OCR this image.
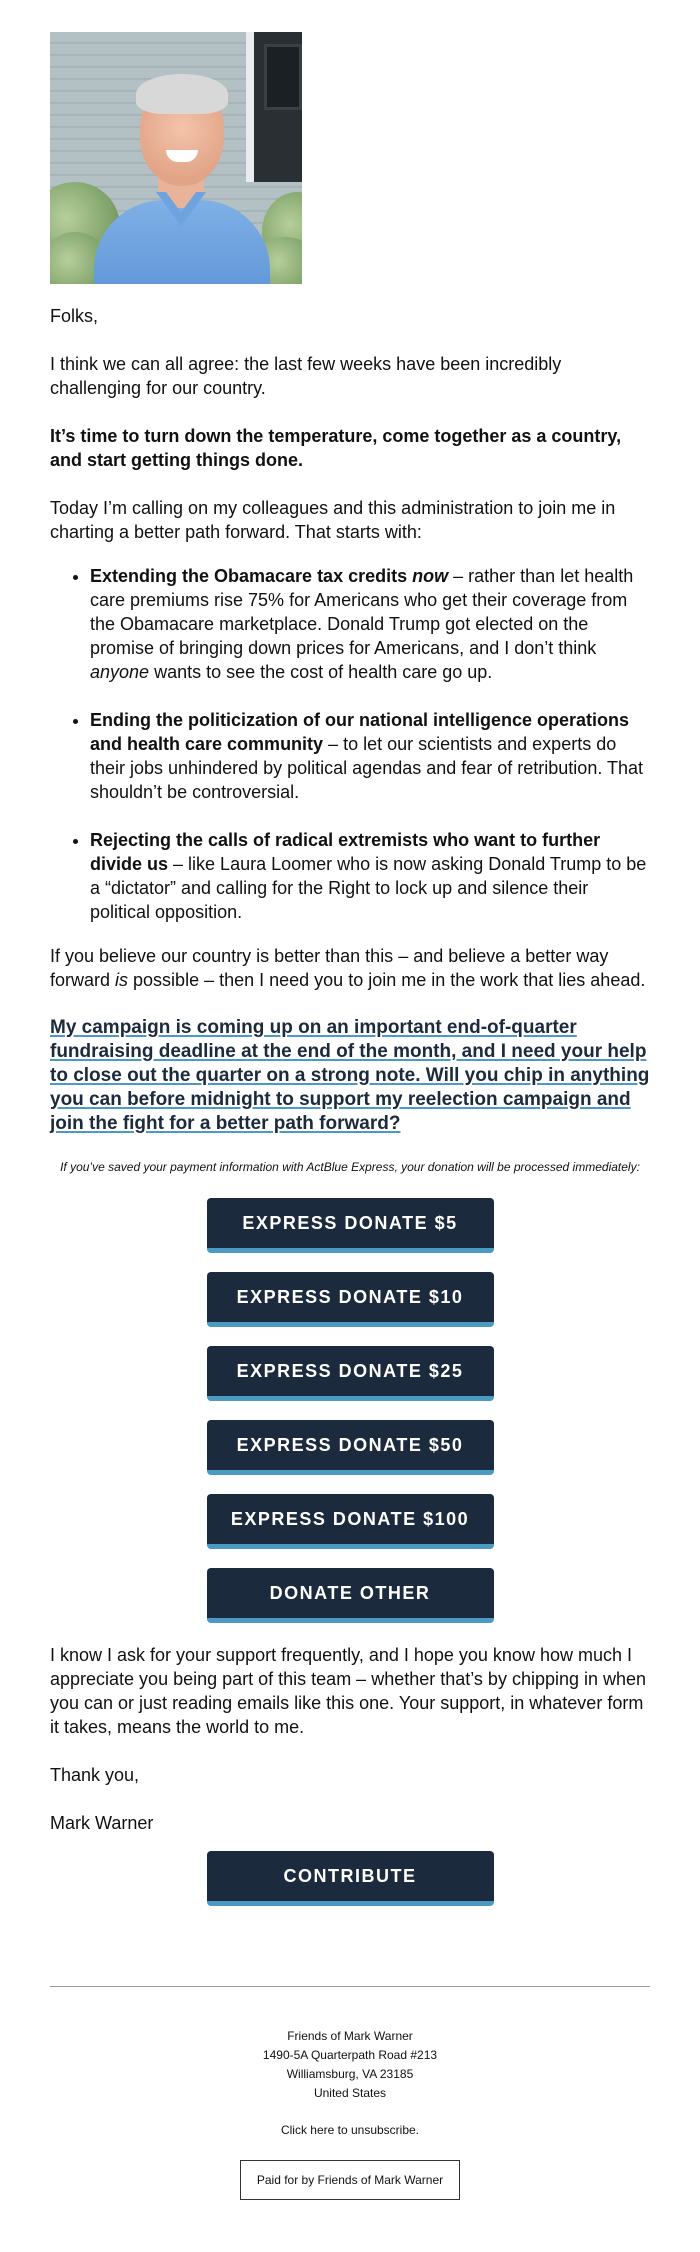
Folks,

I think we can all agree: the last few weeks have been incredibly challenging for our country.

It’s time to turn down the temperature, come together as a country, and start getting things done.

Today I’m calling on my colleagues and this administration to join me in charting a better path forward. That starts with:

• Extending the Obamacare tax credits now – rather than let health care premiums rise 75% for Americans who get their coverage from the Obamacare marketplace. Donald Trump got elected on the promise of bringing down prices for Americans, and I don’t think anyone wants to see the cost of health care go up.
• Ending the politicization of our national intelligence operations and health care community – to let our scientists and experts do their jobs unhindered by political agendas and fear of retribution. That shouldn’t be controversial.
• Rejecting the calls of radical extremists who want to further divide us – like Laura Loomer who is now asking Donald Trump to be a “dictator” and calling for the Right to lock up and silence their political opposition.

If you believe our country is better than this – and believe a better way forward is possible – then I need you to join me in the work that lies ahead.

My campaign is coming up on an important end-of-quarter fundraising deadline at the end of the month, and I need your help to close out the quarter on a strong note. Will you chip in anything you can before midnight to support my reelection campaign and join the fight for a better path forward?

If you’ve saved your payment information with ActBlue Express, your donation will be processed immediately:

EXPRESS DONATE $5
EXPRESS DONATE $10
EXPRESS DONATE $25
EXPRESS DONATE $50
EXPRESS DONATE $100
DONATE OTHER

I know I ask for your support frequently, and I hope you know how much I appreciate you being part of this team – whether that’s by chipping in when you can or just reading emails like this one. Your support, in whatever form it takes, means the world to me.

Thank you,

Mark Warner

CONTRIBUTE
Friends of Mark Warner
1490-5A Quarterpath Road #213
Williamsburg, VA 23185
United States
Click here to unsubscribe.
Paid for by Friends of Mark Warner
